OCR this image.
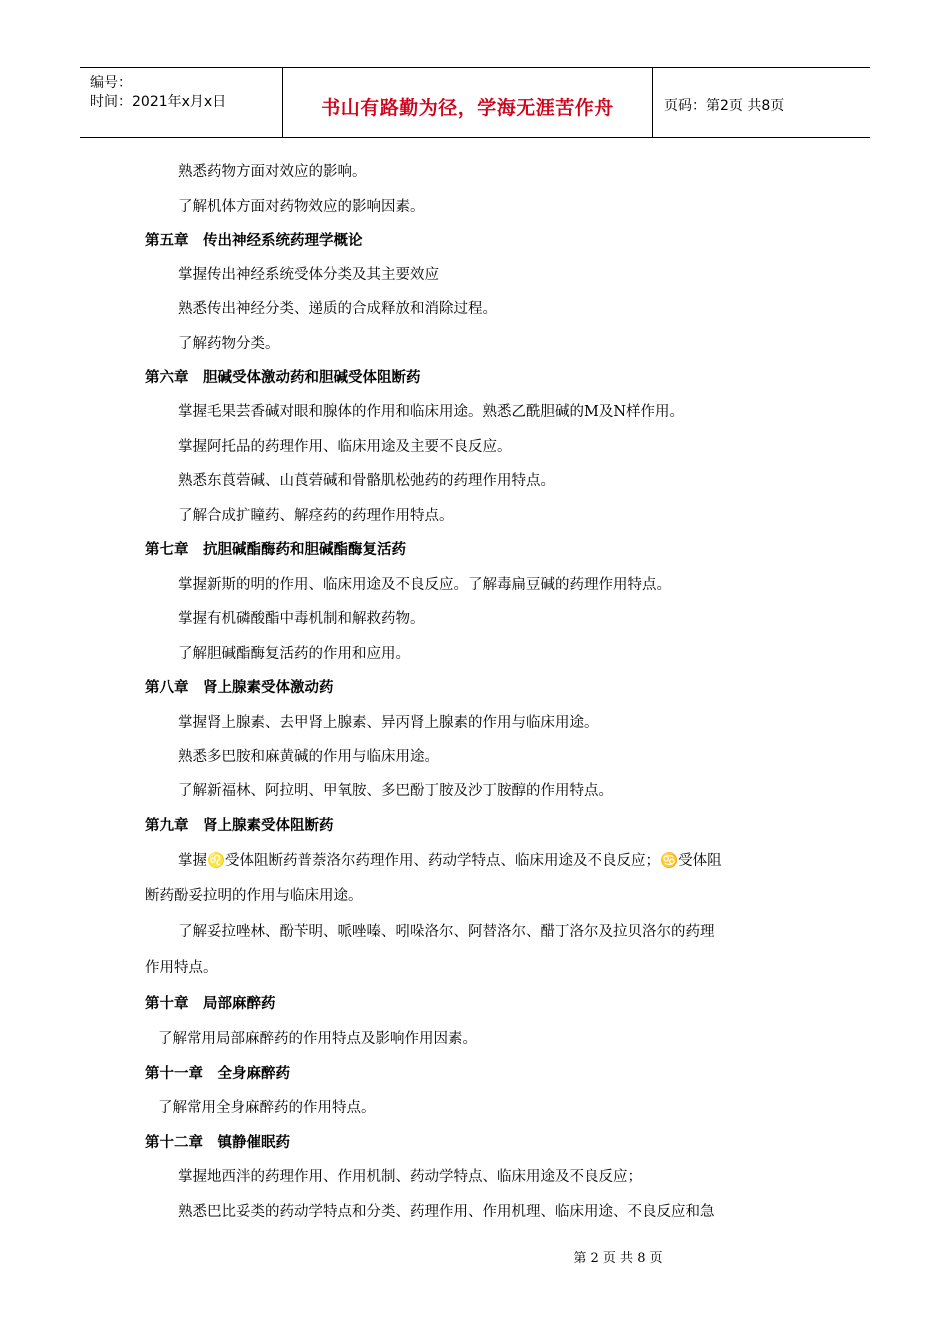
编号：
时间：2021年x月x日	书山有路勤为径，学海无涯苦作舟	页码：第2页 共8页
熟悉药物方面对效应的影响。
了解机体方面对药物效应的影响因素。
第五章　传出神经系统药理学概论
掌握传出神经系统受体分类及其主要效应
熟悉传出神经分类、递质的合成释放和消除过程。
了解药物分类。
第六章　胆碱受体激动药和胆碱受体阻断药
掌握毛果芸香碱对眼和腺体的作用和临床用途。熟悉乙酰胆碱的M及N样作用。
掌握阿托品的药理作用、临床用途及主要不良反应。
熟悉东莨菪碱、山莨菪碱和骨骼肌松弛药的药理作用特点。
了解合成扩瞳药、解痉药的药理作用特点。
第七章　抗胆碱酯酶药和胆碱酯酶复活药
掌握新斯的明的作用、临床用途及不良反应。了解毒扁豆碱的药理作用特点。
掌握有机磷酸酯中毒机制和解救药物。
了解胆碱酯酶复活药的作用和应用。
第八章　肾上腺素受体激动药
掌握肾上腺素、去甲肾上腺素、异丙肾上腺素的作用与临床用途。
熟悉多巴胺和麻黄碱的作用与临床用途。
了解新福林、阿拉明、甲氧胺、多巴酚丁胺及沙丁胺醇的作用特点。
第九章　肾上腺素受体阻断药
掌握♌受体阻断药普萘洛尔药理作用、药动学特点、临床用途及不良反应；♋受体阻
断药酚妥拉明的作用与临床用途。
了解妥拉唑林、酚苄明、哌唑嗪、吲哚洛尔、阿替洛尔、醋丁洛尔及拉贝洛尔的药理
作用特点。
第十章　局部麻醉药
了解常用局部麻醉药的作用特点及影响作用因素。
第十一章　全身麻醉药
了解常用全身麻醉药的作用特点。
第十二章　镇静催眠药
掌握地西泮的药理作用、作用机制、药动学特点、临床用途及不良反应；
熟悉巴比妥类的药动学特点和分类、药理作用、作用机理、临床用途、不良反应和急
第 2 页 共 8 页
